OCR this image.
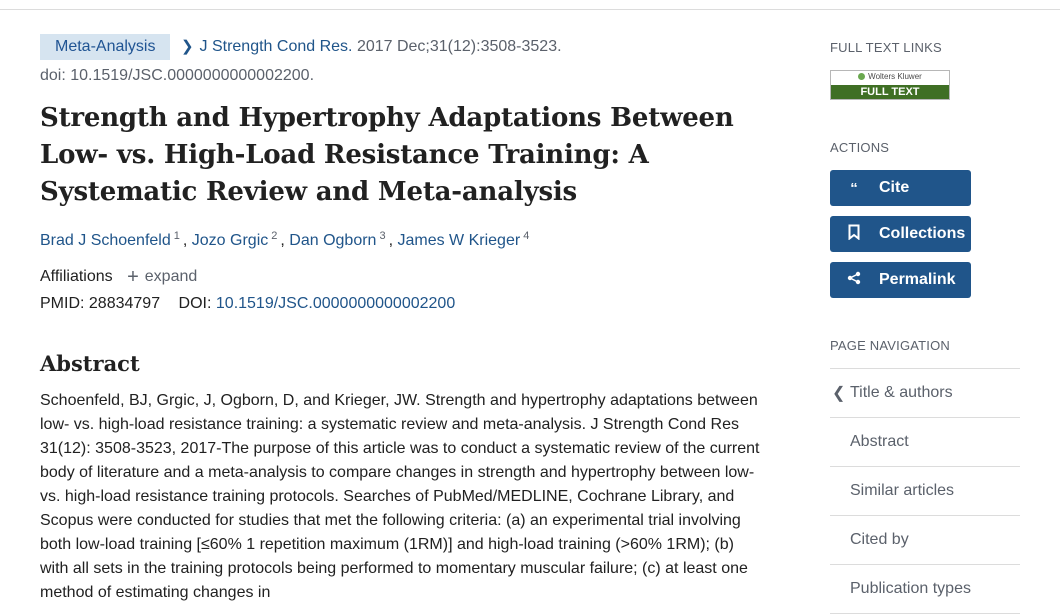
Meta-Analysis ❯ J Strength Cond Res. 2017 Dec;31(12):3508-3523.
doi: 10.1519/JSC.0000000000002200.
Strength and Hypertrophy Adaptations Between Low- vs. High-Load Resistance Training: A Systematic Review and Meta-analysis
Brad J Schoenfeld $^1$ , Jozo Grgic $^2$ , Dan Ogborn $^3$ , James W Krieger $^4$
Affiliations + expand
PMID: 28834797 DOI: 10.1519/JSC.0000000000002200
Abstract
Schoenfeld, BJ, Grgic, J, Ogborn, D, and Krieger, JW. Strength and hypertrophy adaptations between low- vs. high-load resistance training: a systematic review and meta-analysis. J Strength Cond Res 31(12): 3508-3523, 2017-The purpose of this article was to conduct a systematic review of the current body of literature and a meta-analysis to compare changes in strength and hypertrophy between low- vs. high-load resistance training protocols. Searches of PubMed/MEDLINE, Cochrane Library, and Scopus were conducted for studies that met the following criteria: (a) an experimental trial involving both low-load training [≤60% 1 repetition maximum (1RM)] and high-load training (>60% 1RM); (b) with all sets in the training protocols being performed to momentary muscular failure; (c) at least one method of estimating changes in
FULL TEXT LINKS
Wolters Kluwer
FULL TEXT
ACTIONS
“	Cite
Collections
Permalink
PAGE NAVIGATION
❮ Title & authors
Abstract
Similar articles
Cited by
Publication types
